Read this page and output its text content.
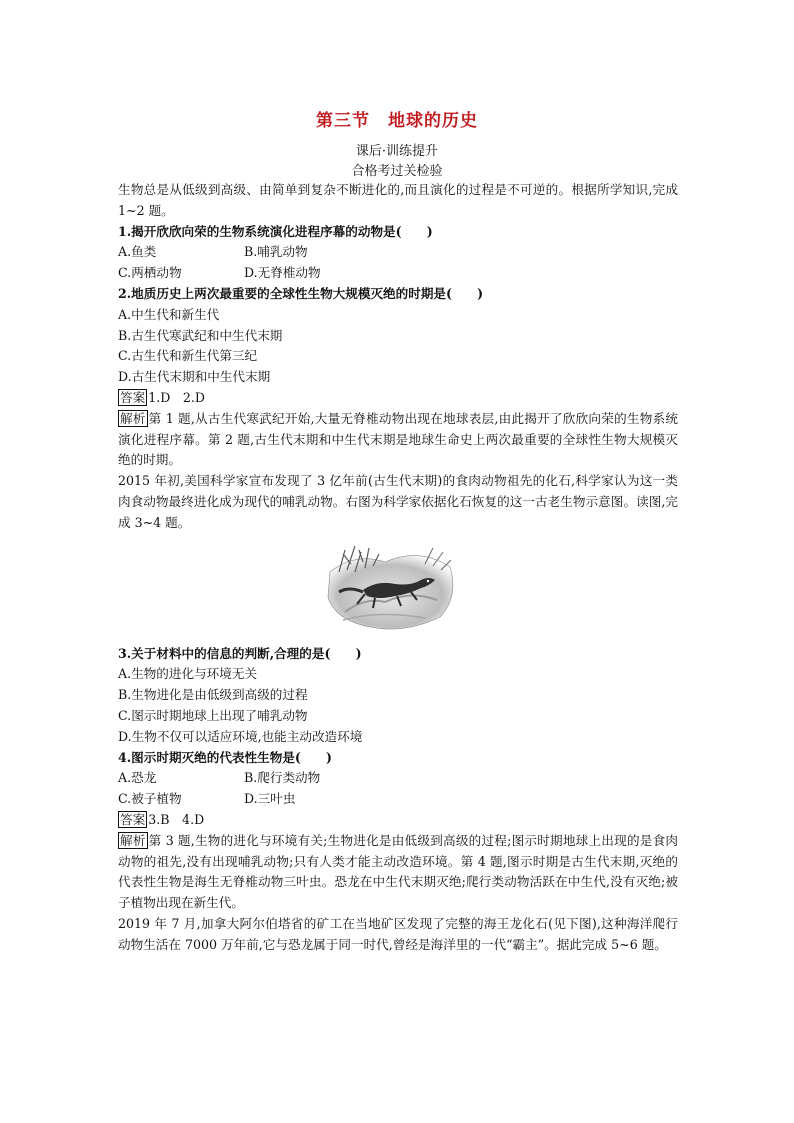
第三节　地球的历史
课后·训练提升
合格考过关检验
生物总是从低级到高级、由简单到复杂不断进化的,而且演化的过程是不可逆的。根据所学知识,完成 1~2 题。
1.揭开欣欣向荣的生物系统演化进程序幕的动物是(　　)
A.鱼类	B.哺乳动物
C.两栖动物	D.无脊椎动物
2.地质历史上两次最重要的全球性生物大规模灭绝的时期是(　　)
A.中生代和新生代
B.古生代寒武纪和中生代末期
C.古生代和新生代第三纪
D.古生代末期和中生代末期
答案 1.D　2.D
解析 第 1 题,从古生代寒武纪开始,大量无脊椎动物出现在地球表层,由此揭开了欣欣向荣的生物系统演化进程序幕。第 2 题,古生代末期和中生代末期是地球生命史上两次最重要的全球性生物大规模灭绝的时期。
2015 年初,美国科学家宣布发现了 3 亿年前(古生代末期)的食肉动物祖先的化石,科学家认为这一类肉食动物最终进化成为现代的哺乳动物。右图为科学家依据化石恢复的这一古老生物示意图。读图,完成 3~4 题。
3.关于材料中的信息的判断,合理的是(　　)
A.生物的进化与环境无关
B.生物进化是由低级到高级的过程
C.图示时期地球上出现了哺乳动物
D.生物不仅可以适应环境,也能主动改造环境
4.图示时期灭绝的代表性生物是(　　)
A.恐龙	B.爬行类动物
C.被子植物	D.三叶虫
答案 3.B　4.D
解析 第 3 题,生物的进化与环境有关;生物进化是由低级到高级的过程;图示时期地球上出现的是食肉动物的祖先,没有出现哺乳动物;只有人类才能主动改造环境。第 4 题,图示时期是古生代末期,灭绝的代表性生物是海生无脊椎动物三叶虫。恐龙在中生代末期灭绝;爬行类动物活跃在中生代,没有灭绝;被子植物出现在新生代。
2019 年 7 月,加拿大阿尔伯塔省的矿工在当地矿区发现了完整的海王龙化石(见下图),这种海洋爬行动物生活在 7000 万年前,它与恐龙属于同一时代,曾经是海洋里的一代“霸主”。据此完成 5~6 题。
